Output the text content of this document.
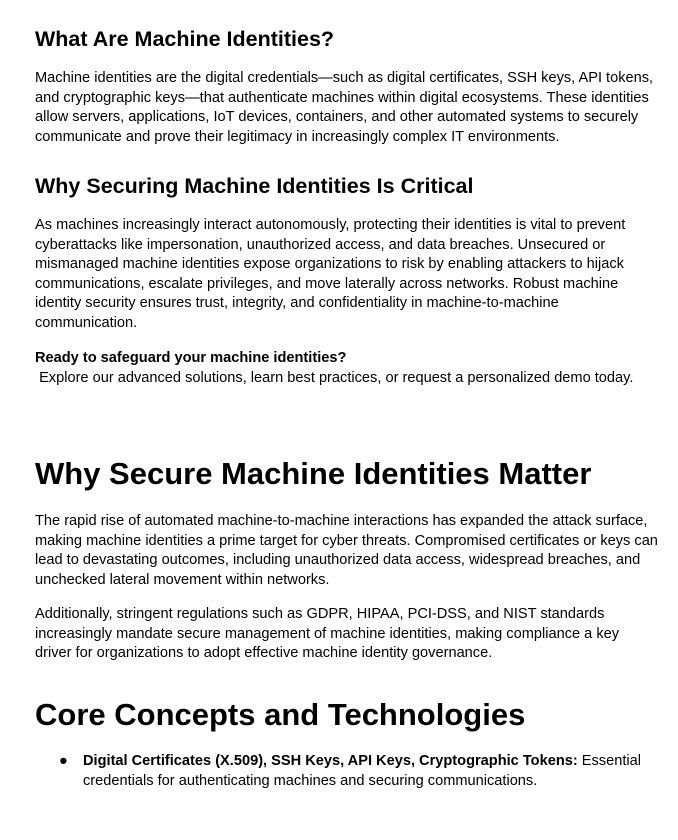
What Are Machine Identities?

Machine identities are the digital credentials—such as digital certificates, SSH keys, API tokens, and cryptographic keys—that authenticate machines within digital ecosystems. These identities allow servers, applications, IoT devices, containers, and other automated systems to securely communicate and prove their legitimacy in increasingly complex IT environments.

Why Securing Machine Identities Is Critical

As machines increasingly interact autonomously, protecting their identities is vital to prevent cyberattacks like impersonation, unauthorized access, and data breaches. Unsecured or mismanaged machine identities expose organizations to risk by enabling attackers to hijack communications, escalate privileges, and move laterally across networks. Robust machine identity security ensures trust, integrity, and confidentiality in machine-to-machine communication.

Ready to safeguard your machine identities?

Explore our advanced solutions, learn best practices, or request a personalized demo today.

Why Secure Machine Identities Matter

The rapid rise of automated machine-to-machine interactions has expanded the attack surface, making machine identities a prime target for cyber threats. Compromised certificates or keys can lead to devastating outcomes, including unauthorized data access, widespread breaches, and unchecked lateral movement within networks.

Additionally, stringent regulations such as GDPR, HIPAA, PCI-DSS, and NIST standards increasingly mandate secure management of machine identities, making compliance a key driver for organizations to adopt effective machine identity governance.

Core Concepts and Technologies
● Digital Certificates (X.509), SSH Keys, API Keys, Cryptographic Tokens: Essential credentials for authenticating machines and securing communications.
